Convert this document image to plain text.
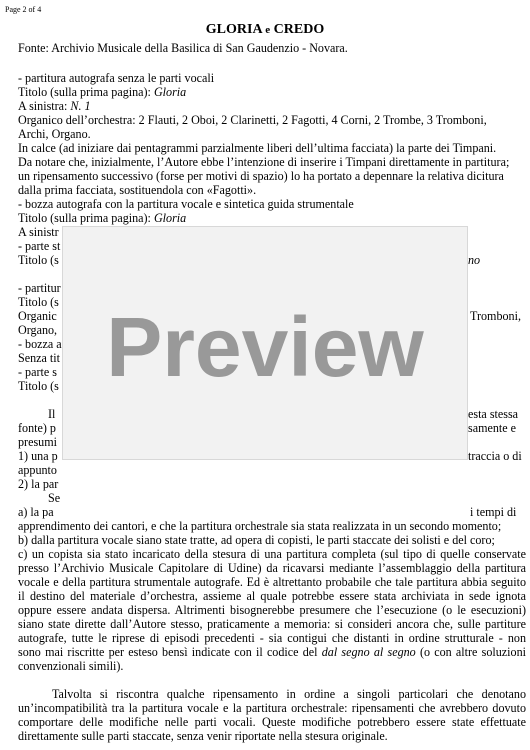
Page 2 of 4
GLORIA e CREDO
Fonte: Archivio Musicale della Basilica di San Gaudenzio - Novara.
- partitura autografa senza le parti vocali
Titolo (sulla prima pagina): Gloria
A sinistra: N. 1
Organico dell’orchestra: 2 Flauti, 2 Oboi, 2 Clarinetti, 2 Fagotti, 4 Corni, 2 Trombe, 3 Tromboni,
Archi, Organo.
In calce (ad iniziare dai pentagrammi parzialmente liberi dell’ultima facciata) la parte dei Timpani.
Da notare che, inizialmente, l’Autore ebbe l’intenzione di inserire i Timpani direttamente in partitura;
un ripensamento successivo (forse per motivi di spazio) lo ha portato a depennare la relativa dicitura
dalla prima facciata, sostituendola con «Fagotti».
- bozza autografa con la partitura vocale e sintetica guida strumentale
Titolo (sulla prima pagina): Gloria
A sinistr
- parte st
Titolo (s	no
- partitur
Titolo (s
Organic	Tromboni,
Organo,
- bozza a
Senza tit
- parte s
Titolo (s
Il	esta stessa
fonte) p	samente e
presumi
1) una p	traccia o di
appunto
2) la par
Se
a) la pa	i tempi di
apprendimento dei cantori, e che la partitura orchestrale sia stata realizzata in un secondo momento;
b) dalla partitura vocale siano state tratte, ad opera di copisti, le parti staccate dei solisti e del coro;
c) un copista sia stato incaricato della stesura di una partitura completa (sul tipo di quelle conservate
presso l’Archivio Musicale Capitolare di Udine) da ricavarsi mediante l’assemblaggio della partitura
vocale e della partitura strumentale autografe. Ed è altrettanto probabile che tale partitura abbia seguito
il destino del materiale d’orchestra, assieme al quale potrebbe essere stata archiviata in sede ignota
oppure essere andata dispersa. Altrimenti bisognerebbe presumere che l’esecuzione (o le esecuzioni)
siano state dirette dall’Autore stesso, praticamente a memoria: si consideri ancora che, sulle partiture
autografe, tutte le riprese di episodi precedenti - sia contigui che distanti in ordine strutturale - non
sono mai riscritte per esteso bensì indicate con il codice del dal segno al segno (o con altre soluzioni
convenzionali simili).
Talvolta si riscontra qualche ripensamento in ordine a singoli particolari che denotano
un’incompatibilità tra la partitura vocale e la partitura orchestrale: ripensamenti che avrebbero dovuto
comportare delle modifiche nelle parti vocali. Queste modifiche potrebbero essere state effettuate
direttamente sulle parti staccate, senza venir riportate nella stesura originale.
Preview
